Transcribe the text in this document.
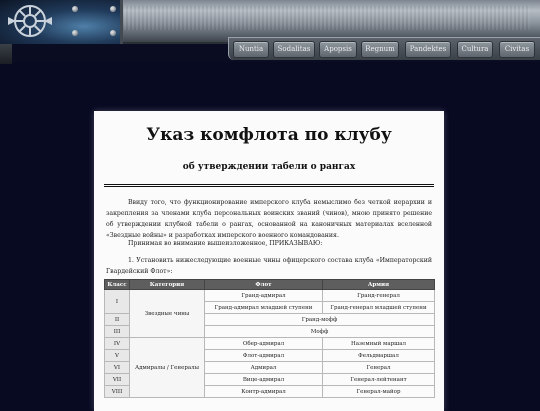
Nuntia	Sodalitas	Apopsis	Regnum	Pandektes	Cultura	Civitas
Указ комфлота по клубу
об утверждении табели о рангах
Ввиду того, что функционирование имперского клуба немыслимо без четкой иерархии и закрепления за членами клуба персональных воинских званий (чинов), мною принято решение об утверждении клубной табели о рангах, основанной на каноничных материалах вселенной «Звездные войны» и разработках имперского военного командования.
Принимая во внимание вышеизложенное, ПРИКАЗЫВАЮ:
1. Установить нижеследующие военные чины офицерского состава клуба «Императорский Гвардейский Флот»:
Класс	Категория	Флот	Армия
I	Звездные чины	Гранд-адмирал	Гранд-генерал
		Гранд-адмирал младшей ступени	Гранд-генерал младшей ступени
II		Гранд-мофф	
III		Мофф	
IV	Адмиралы / Генералы	Обер-адмирал	Наземный маршал
V		Флот-адмирал	Фельдмаршал
VI		Адмирал	Генерал
VII		Вице-адмирал	Генерал-лейтенант
VIII		Контр-адмирал	Генерал-майор
